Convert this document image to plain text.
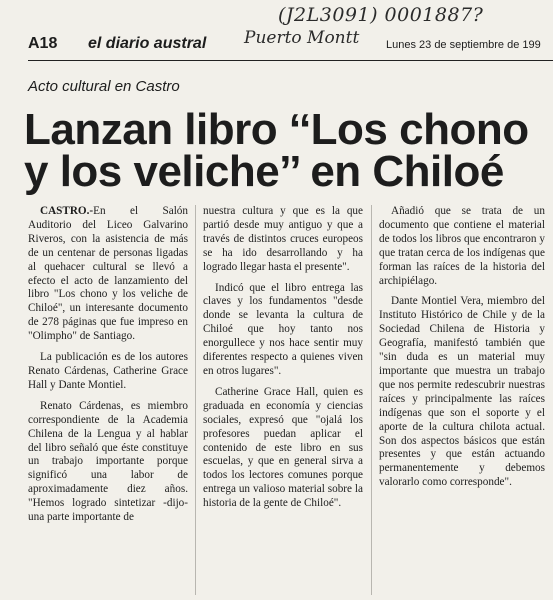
(J2L3091) 0001887?
Puerto Montt
A18 el diario austral	Lunes 23 de septiembre de 199
Acto cultural en Castro
Lanzan libro ‘‘Los chono
y los veliche’’ en Chiloé

CASTRO.-En el Salón Auditorio del Liceo Galvarino Riveros, con la asistencia de más de un centenar de personas ligadas al quehacer cultural se llevó a efecto el acto de lanzamiento del libro "Los chono y los veliche de Chiloé", un interesante documento de 278 páginas que fue impreso en "Olimpho" de Santiago.

La publicación es de los autores Renato Cárdenas, Catherine Grace Hall y Dante Montiel.

Renato Cárdenas, es miembro correspondiente de la Academia Chilena de la Lengua y al hablar del libro señaló que éste constituye un trabajo importante porque significó una labor de aproximadamente diez años. "Hemos logrado sintetizar -dijo- una parte importante de

nuestra cultura y que es la que partió desde muy antiguo y que a través de distintos cruces europeos se ha ido desarrollando y ha logrado llegar hasta el presente".

Indicó que el libro entrega las claves y los fundamentos "desde donde se levanta la cultura de Chiloé que hoy tanto nos enorgullece y nos hace sentir muy diferentes respecto a quienes viven en otros lugares".

Catherine Grace Hall, quien es graduada en economía y ciencias sociales, expresó que "ojalá los profesores puedan aplicar el contenido de este libro en sus escuelas, y que en general sirva a todos los lectores comunes porque entrega un valioso material sobre la historia de la gente de Chiloé".

Añadió que se trata de un documento que contiene el material de todos los libros que encontraron y que tratan cerca de los indígenas que forman las raíces de la historia del archipiélago.

Dante Montiel Vera, miembro del Instituto Histórico de Chile y de la Sociedad Chilena de Historia y Geografía, manifestó también que "sin duda es un material muy importante que muestra un trabajo que nos permite redescubrir nuestras raíces y principalmente las raíces indígenas que son el soporte y el aporte de la cultura chilota actual. Son dos aspectos básicos que están presentes y que están actuando permanentemente y debemos valorarlo como corresponde".
